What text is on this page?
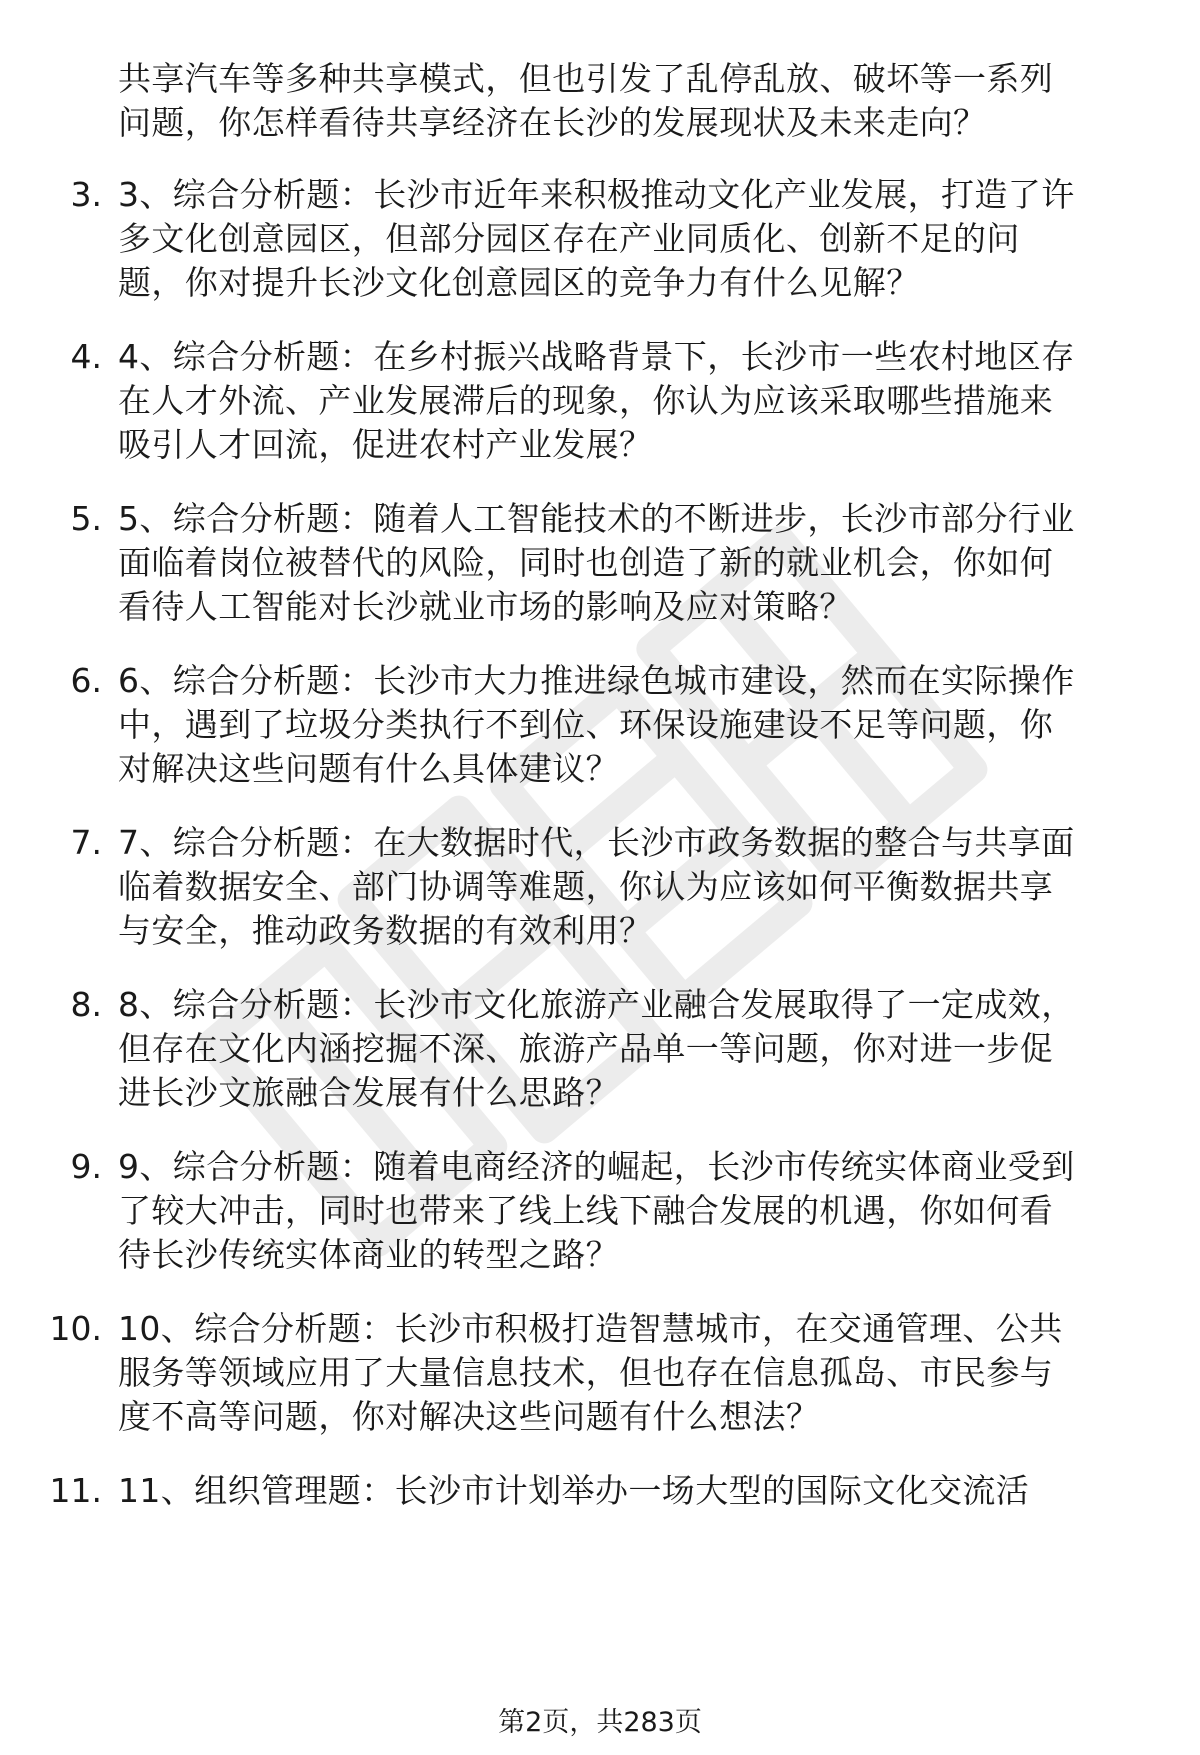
共享汽车等多种共享模式，但也引发了乱停乱放、破坏等一系列
问题，你怎样看待共享经济在长沙的发展现状及未来走向？
3. 3、综合分析题：长沙市近年来积极推动文化产业发展，打造了许
多文化创意园区，但部分园区存在产业同质化、创新不足的问
题，你对提升长沙文化创意园区的竞争力有什么见解？
4. 4、综合分析题：在乡村振兴战略背景下，长沙市一些农村地区存
在人才外流、产业发展滞后的现象，你认为应该采取哪些措施来
吸引人才回流，促进农村产业发展？
5. 5、综合分析题：随着人工智能技术的不断进步，长沙市部分行业
面临着岗位被替代的风险，同时也创造了新的就业机会，你如何
看待人工智能对长沙就业市场的影响及应对策略？
6. 6、综合分析题：长沙市大力推进绿色城市建设，然而在实际操作
中，遇到了垃圾分类执行不到位、环保设施建设不足等问题，你
对解决这些问题有什么具体建议？
7. 7、综合分析题：在大数据时代，长沙市政务数据的整合与共享面
临着数据安全、部门协调等难题，你认为应该如何平衡数据共享
与安全，推动政务数据的有效利用？
8. 8、综合分析题：长沙市文化旅游产业融合发展取得了一定成效，
但存在文化内涵挖掘不深、旅游产品单一等问题，你对进一步促
进长沙文旅融合发展有什么思路？
9. 9、综合分析题：随着电商经济的崛起，长沙市传统实体商业受到
了较大冲击，同时也带来了线上线下融合发展的机遇，你如何看
待长沙传统实体商业的转型之路？
10. 10、综合分析题：长沙市积极打造智慧城市，在交通管理、公共
服务等领域应用了大量信息技术，但也存在信息孤岛、市民参与
度不高等问题，你对解决这些问题有什么想法？
11. 11、组织管理题：长沙市计划举办一场大型的国际文化交流活
第2页，共283页
